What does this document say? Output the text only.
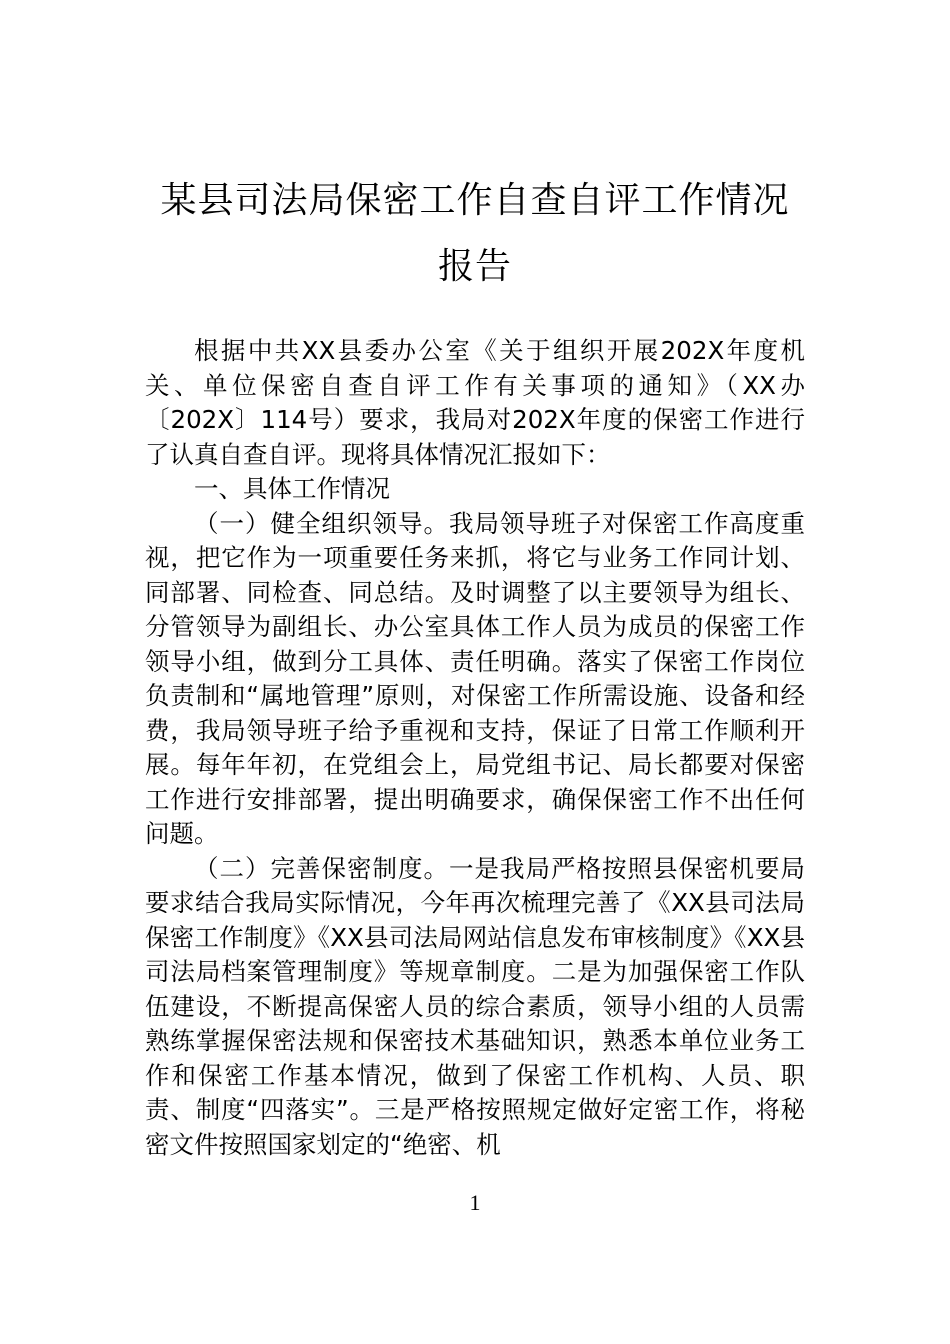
某县司法局保密工作自查自评工作情况报告

根据中共XX县委办公室《关于组织开展202X年度机关、单位保密自查自评工作有关事项的通知》（XX办〔202X〕114号）要求，我局对202X年度的保密工作进行了认真自查自评。现将具体情况汇报如下：

一、具体工作情况

（一）健全组织领导。我局领导班子对保密工作高度重视，把它作为一项重要任务来抓，将它与业务工作同计划、同部署、同检查、同总结。及时调整了以主要领导为组长、分管领导为副组长、办公室具体工作人员为成员的保密工作领导小组，做到分工具体、责任明确。落实了保密工作岗位负责制和“属地管理”原则，对保密工作所需设施、设备和经费，我局领导班子给予重视和支持，保证了日常工作顺利开展。每年年初，在党组会上，局党组书记、局长都要对保密工作进行安排部署，提出明确要求，确保保密工作不出任何问题。

（二）完善保密制度。一是我局严格按照县保密机要局要求结合我局实际情况，今年再次梳理完善了《XX县司法局保密工作制度》《XX县司法局网站信息发布审核制度》《XX县司法局档案管理制度》等规章制度。二是为加强保密工作队伍建设，不断提高保密人员的综合素质，领导小组的人员需熟练掌握保密法规和保密技术基础知识，熟悉本单位业务工作和保密工作基本情况，做到了保密工作机构、人员、职责、制度“四落实”。三是严格按照规定做好定密工作，将秘密文件按照国家划定的“绝密、机

1
